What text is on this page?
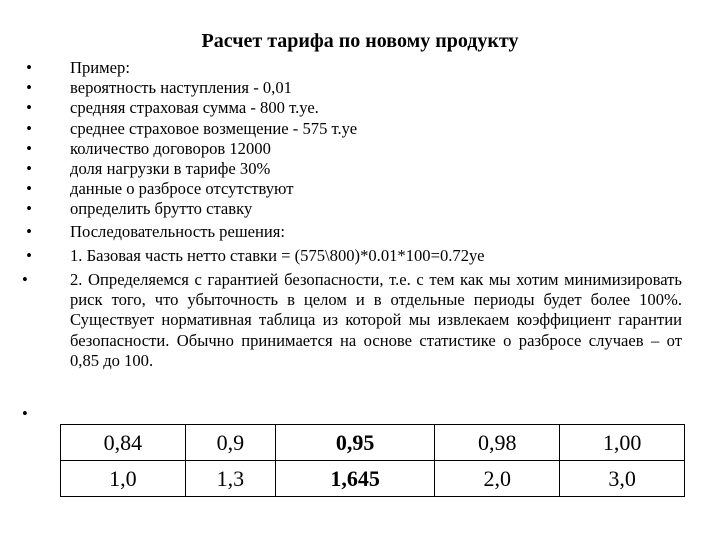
Расчет тарифа по новому продукту
• Пример:
• вероятность наступления - 0,01
• средняя страховая сумма - 800 т.уе.
• среднее страховое возмещение - 575 т.уе
• количество договоров 12000
• доля нагрузки в тарифе 30%
• данные о разбросе отсутствуют
• определить брутто ставку
• Последовательность решения:
• 1. Базовая часть нетто ставки = (575\800)*0.01*100=0.72уе
•	2. Определяемся с гарантией безопасности, т.е. с тем как мы хотим минимизировать риск того, что убыточность в целом и в отдельные периоды будет более 100%. Существует нормативная таблица из которой мы извлекаем коэффициент гарантии безопасности. Обычно принимается на основе статистике о разбросе случаев – от 0,85 до 100.
•
0,84	0,9	0,95	0,98	1,00
1,0	1,3	1,645	2,0	3,0
